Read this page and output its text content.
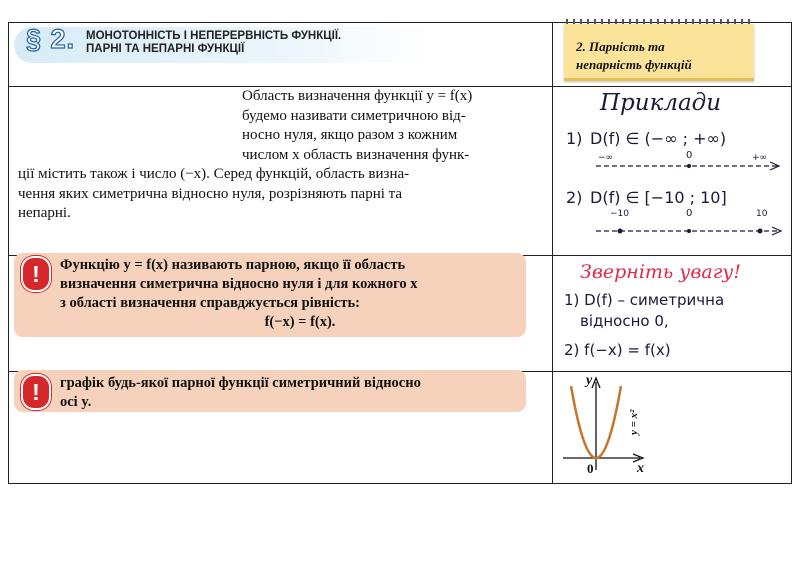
§ 2. МОНОТОННІСТЬ І НЕПЕРЕРВНІСТЬ ФУНКЦІЇ.
ПАРНІ ТА НЕПАРНІ ФУНКЦІЇ	2. Парність та
непарність функцій

Область визначення функції y = f(x)

будемо називати симетричною від-

носно нуля, якщо разом з кожним

числом x область визначення функ-

ції містить також і число (−x). Серед функцій, область визна-

чення яких симетрична відносно нуля, розрізняють парні та

непарні.

!	Функцію y = f(x) називають парною, якщо її область

визначення симетрична відносно нуля і для кожного x

з області визначення справджується рівність:

f(−x) = f(x).

!	графік будь-якої парної функції симетричний відносно

осі y.

Приклади
1) D(f) ∈ (−∞ ; +∞)
−∞	0	+∞
2) D(f) ∈ [−10 ; 10]
−10	0	10
Зверніть увагу!
1) D(f) – симетрична
відносно 0,
2) f(−x) = f(x)
y
x
0
y = x²
